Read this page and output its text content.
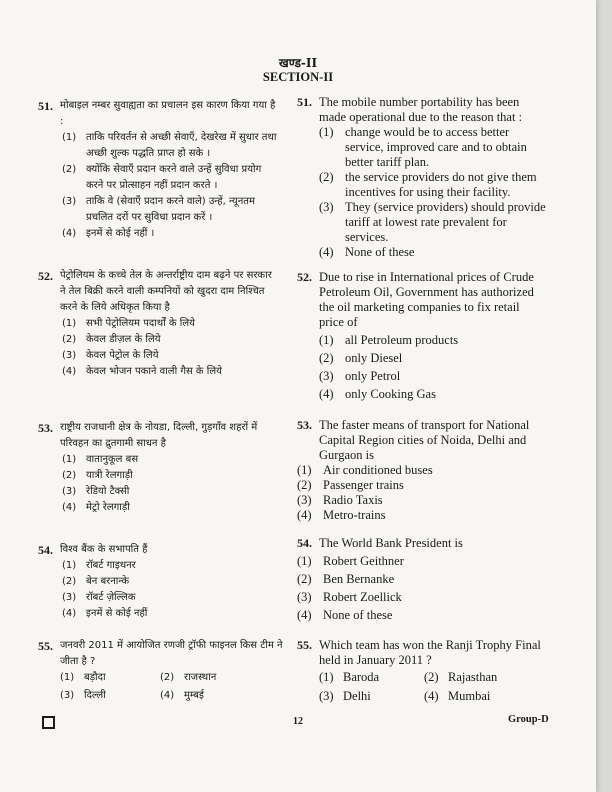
खण्ड-II
SECTION-II
51. मोबाइल नम्बर सुवाह्यता का प्रचालन इस कारण किया गया है :
(1) ताकि परिवर्तन से अच्छी सेवाएँ, देखरेख में सुधार तथा अच्छी शुल्क पद्धति प्राप्त हो सके ।
(2) क्योंकि सेवाएँ प्रदान करने वाले उन्हें सुविधा प्रयोग करने पर प्रोत्साहन नहीं प्रदान करते ।
(3) ताकि वे (सेवाएँ प्रदान करने वाले) उन्हें, न्यूनतम प्रचलित दरों पर सुविधा प्रदान करें ।
(4) इनमें से कोई नहीं ।
52. पेट्रोलियम के कच्चे तेल के अन्तर्राष्ट्रीय दाम बढ़ने पर सरकार ने तेल बिक्री करने वाली कम्पनियों को खुदरा दाम निश्चित करने के लिये अधिकृत किया है
(1) सभी पेट्रोलियम पदार्थों के लिये
(2) केवल डीज़ल के लिये
(3) केवल पेट्रोल के लिये
(4) केवल भोजन पकाने वाली गैस के लिये
53. राष्ट्रीय राजधानी क्षेत्र के नोयडा, दिल्ली, गुड़गाँव शहरों में परिवहन का द्रुतगामी साधन है
(1) वातानुकूल बस
(2) यात्री रेलगाड़ी
(3) रेडियो टैक्सी
(4) मेट्रो रेलगाड़ी
54. विश्व बैंक के सभापति हैं
(1) रॉबर्ट गाइथनर
(2) बेन बरनान्के
(3) रॉबर्ट ज़ेल्लिक
(4) इनमें से कोई नहीं
55. जनवरी 2011 में आयोजित रणजी ट्रॉफी फाइनल किस टीम ने जीता है ?
(1) बड़ौदा	(2) राजस्थान
(3) दिल्ली	(4) मुम्बई
51. The mobile number portability has been made operational due to the reason that :
(1) change would be to access better service, improved care and to obtain better tariff plan.
(2) the service providers do not give them incentives for using their facility.
(3) They (service providers) should provide tariff at lowest rate prevalent for services.
(4) None of these
52. Due to rise in International prices of Crude Petroleum Oil, Government has authorized the oil marketing companies to fix retail price of
(1) all Petroleum products
(2) only Diesel
(3) only Petrol
(4) only Cooking Gas
53. The faster means of transport for National Capital Region cities of Noida, Delhi and Gurgaon is
(1) Air conditioned buses
(2) Passenger trains
(3) Radio Taxis
(4) Metro-trains
54. The World Bank President is
(1) Robert Geithner
(2) Ben Bernanke
(3) Robert Zoellick
(4) None of these
55. Which team has won the Ranji Trophy Final held in January 2011 ?
(1) Baroda	(2) Rajasthan
(3) Delhi	(4) Mumbai
12	Group-D
